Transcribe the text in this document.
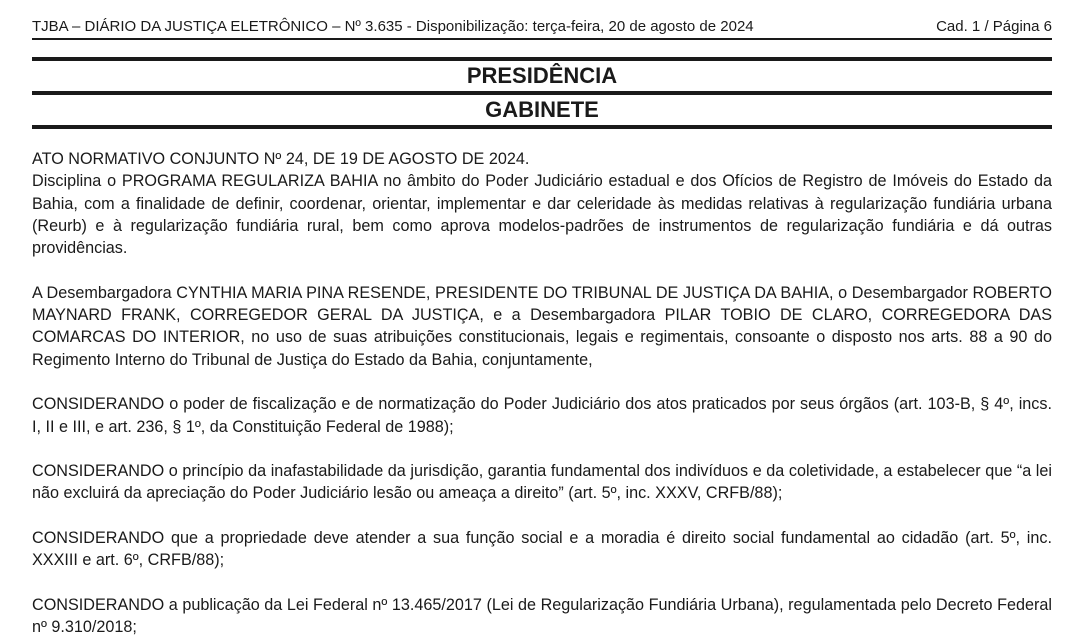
TJBA – DIÁRIO DA JUSTIÇA ELETRÔNICO – Nº 3.635 - Disponibilização: terça-feira, 20 de agosto de 2024	Cad. 1 / Página 6
PRESIDÊNCIA
GABINETE

ATO NORMATIVO CONJUNTO Nº 24, DE 19 DE AGOSTO DE 2024.
Disciplina o PROGRAMA REGULARIZA BAHIA no âmbito do Poder Judiciário estadual e dos Ofícios de Registro de Imóveis do Estado da Bahia, com a finalidade de definir, coordenar, orientar, implementar e dar celeridade às medidas relativas à regularização fundiária urbana (Reurb) e à regularização fundiária rural, bem como aprova modelos-padrões de instrumentos de regularização fundiária e dá outras providências.

A Desembargadora CYNTHIA MARIA PINA RESENDE, PRESIDENTE DO TRIBUNAL DE JUSTIÇA DA BAHIA, o Desembargador ROBERTO MAYNARD FRANK, CORREGEDOR GERAL DA JUSTIÇA, e a Desembargadora PILAR TOBIO DE CLARO, CORREGEDORA DAS COMARCAS DO INTERIOR, no uso de suas atribuições constitucionais, legais e regimentais, consoante o disposto nos arts. 88 a 90 do Regimento Interno do Tribunal de Justiça do Estado da Bahia, conjuntamente,

CONSIDERANDO o poder de fiscalização e de normatização do Poder Judiciário dos atos praticados por seus órgãos (art. 103-B, § 4º, incs. I, II e III, e art. 236, § 1º, da Constituição Federal de 1988);

CONSIDERANDO o princípio da inafastabilidade da jurisdição, garantia fundamental dos indivíduos e da coletividade, a estabelecer que “a lei não excluirá da apreciação do Poder Judiciário lesão ou ameaça a direito” (art. 5º, inc. XXXV, CRFB/88);

CONSIDERANDO que a propriedade deve atender a sua função social e a moradia é direito social fundamental ao cidadão (art. 5º, inc. XXXIII e art. 6º, CRFB/88);

CONSIDERANDO a publicação da Lei Federal nº 13.465/2017 (Lei de Regularização Fundiária Urbana), regulamentada pelo Decreto Federal nº 9.310/2018;
